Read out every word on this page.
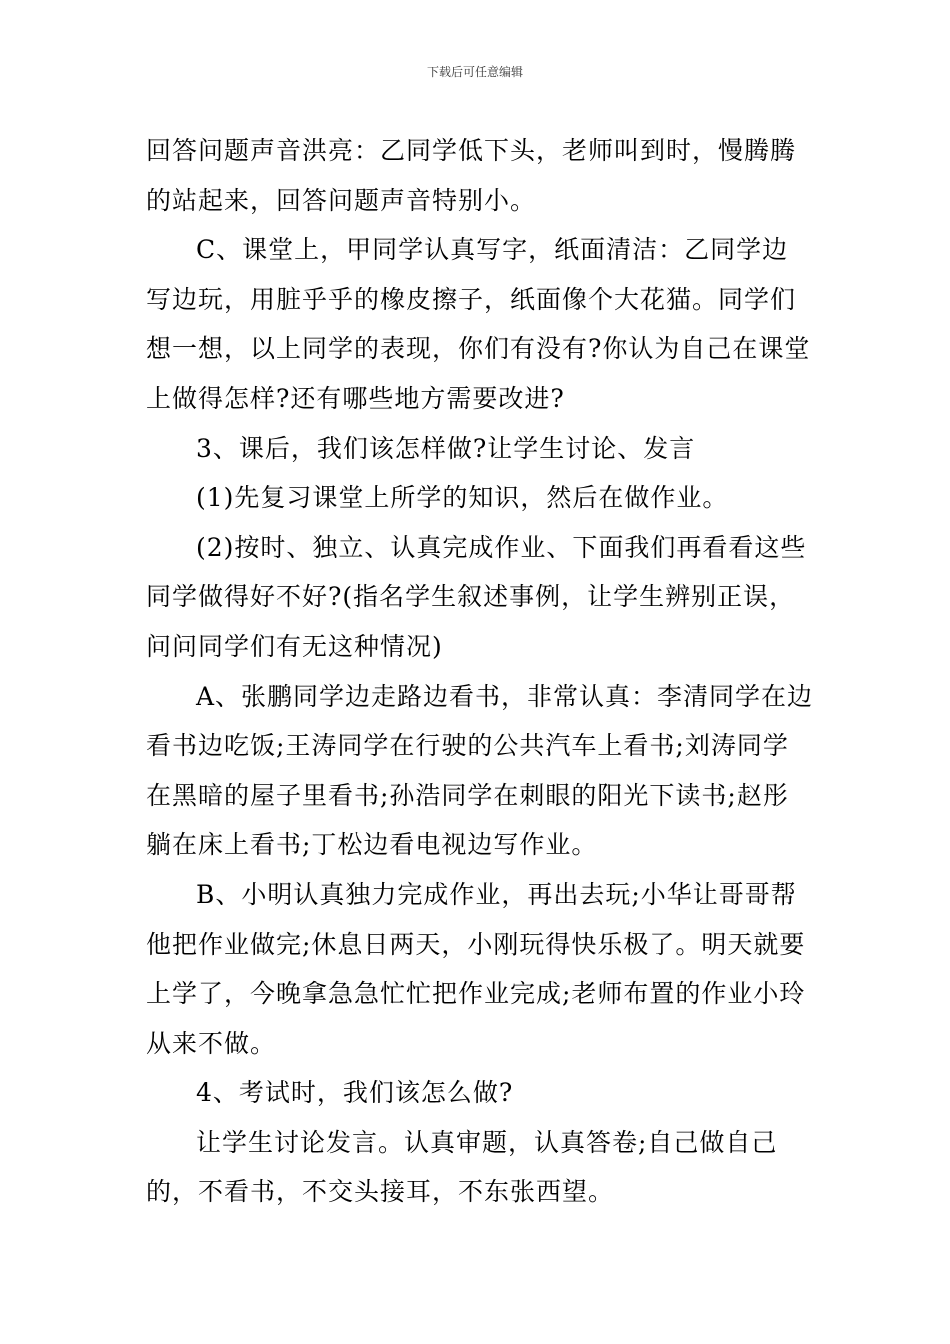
下载后可任意编辑

回答问题声音洪亮：乙同学低下头，老师叫到时，慢腾腾的站起来，回答问题声音特别小。

C、课堂上，甲同学认真写字，纸面清洁：乙同学边写边玩，用脏乎乎的橡皮擦子，纸面像个大花猫。同学们想一想，以上同学的表现，你们有没有?你认为自己在课堂上做得怎样?还有哪些地方需要改进?

3、课后，我们该怎样做?让学生讨论、发言

(1)先复习课堂上所学的知识，然后在做作业。

(2)按时、独立、认真完成作业、下面我们再看看这些同学做得好不好?(指名学生叙述事例，让学生辨别正误，问问同学们有无这种情况)

A、张鹏同学边走路边看书，非常认真：李清同学在边看书边吃饭;王涛同学在行驶的公共汽车上看书;刘涛同学在黑暗的屋子里看书;孙浩同学在刺眼的阳光下读书;赵彤躺在床上看书;丁松边看电视边写作业。

B、小明认真独力完成作业，再出去玩;小华让哥哥帮他把作业做完;休息日两天，小刚玩得快乐极了。明天就要上学了，今晚拿急急忙忙把作业完成;老师布置的作业小玲从来不做。

4、考试时，我们该怎么做?

让学生讨论发言。认真审题，认真答卷;自己做自己的，不看书，不交头接耳，不东张西望。
